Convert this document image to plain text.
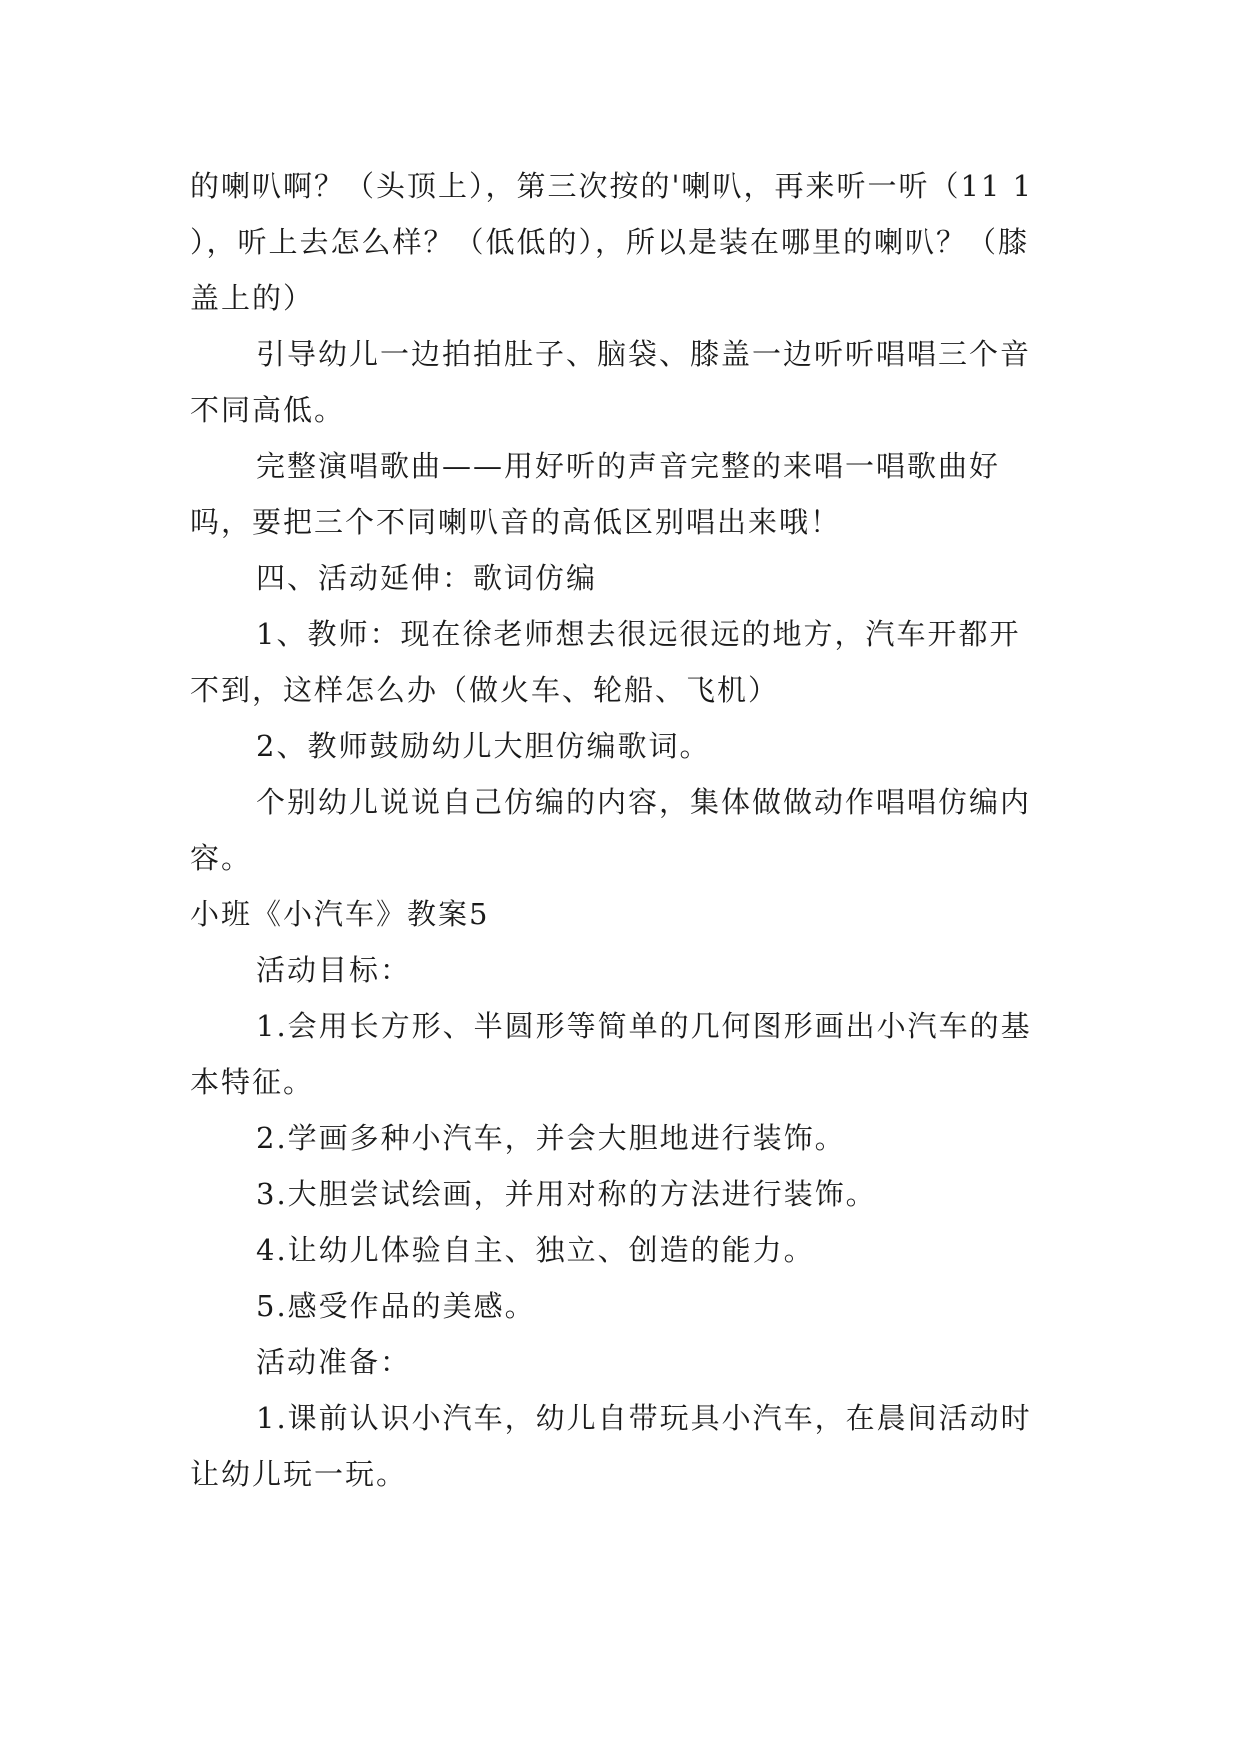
的喇叭啊？（头顶上），第三次按的'喇叭，再来听一听（11 1 ），听上去怎么样？（低低的），所以是装在哪里的喇叭？（膝盖上的）

引导幼儿一边拍拍肚子、脑袋、膝盖一边听听唱唱三个音不同高低。

完整演唱歌曲——用好听的声音完整的来唱一唱歌曲好吗，要把三个不同喇叭音的高低区别唱出来哦！

四、活动延伸：歌词仿编

1、教师：现在徐老师想去很远很远的地方，汽车开都开不到，这样怎么办（做火车、轮船、飞机）

2、教师鼓励幼儿大胆仿编歌词。

个别幼儿说说自己仿编的内容，集体做做动作唱唱仿编内容。

小班《小汽车》教案5

活动目标：

1.会用长方形、半圆形等简单的几何图形画出小汽车的基本特征。

2.学画多种小汽车，并会大胆地进行装饰。

3.大胆尝试绘画，并用对称的方法进行装饰。

4.让幼儿体验自主、独立、创造的能力。

5.感受作品的美感。

活动准备：

1.课前认识小汽车，幼儿自带玩具小汽车，在晨间活动时让幼儿玩一玩。
